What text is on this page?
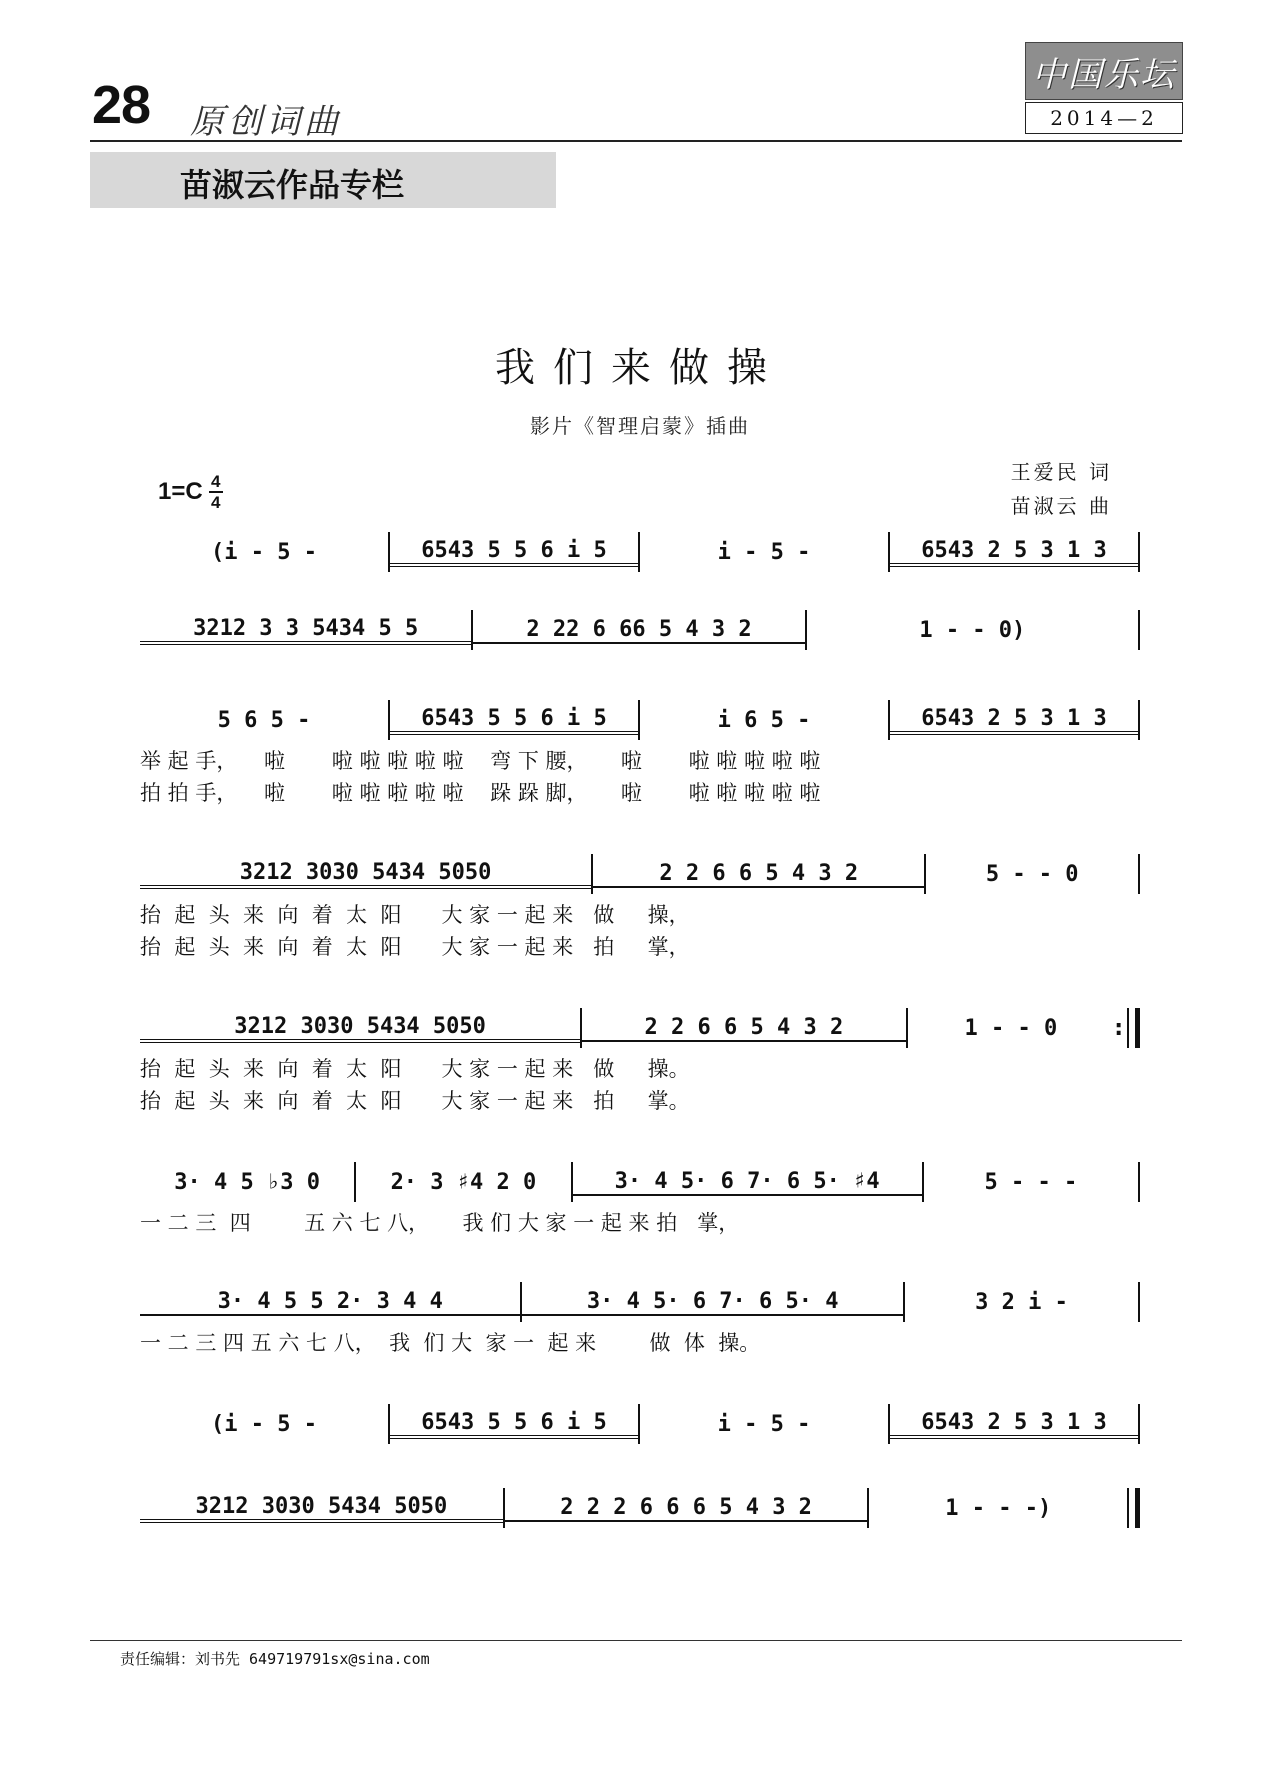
28 原创词曲
中国乐坛
2014—2
苗淑云作品专栏
我们来做操
影片《智理启蒙》插曲
王爱民 词
苗淑云 曲
1=C 4
4
(i - 5 -	6543 5 5 6 i 5	i - 5 -	6543 2 5 3 1 3
3212 3 3 5434 5 5	2 22 6 66 5 4 3 2	1 - - 0)
5 6 5 -	6543 5 5 6 i 5	i 6 5 -	6543 2 5 3 1 3
举 起 手，    啦       啦 啦 啦 啦 啦    弯 下 腰，     啦       啦 啦 啦 啦 啦
拍 拍 手，    啦       啦 啦 啦 啦 啦    跺 跺 脚，     啦       啦 啦 啦 啦 啦
3212 3030 5434 5050	2 2 6 6 5 4 3 2	5 - - 0
抬  起  头  来  向  着  太  阳      大 家 一 起 来   做     操，
抬  起  头  来  向  着  太  阳      大 家 一 起 来   拍     掌，
3212 3030 5434 5050	2 2 6 6 5 4 3 2	1 - - 0	:
抬  起  头  来  向  着  太  阳      大 家 一 起 来   做     操。
抬  起  头  来  向  着  太  阳      大 家 一 起 来   拍     掌。
3· 4 5 ♭3 0	2· 3 ♯4 2 0	3· 4 5· 6 7· 6 5· ♯4	5 - - -
一 二 三  四        五 六 七 八，     我 们 大 家 一 起 来 拍   掌，
3· 4 5 5 2· 3 4 4	3· 4 5· 6 7· 6 5· 4	3 2 i -
一 二 三 四 五 六 七 八，  我  们 大  家 一  起 来        做  体  操。
(i - 5 -	6543 5 5 6 i 5	i - 5 -	6543 2 5 3 1 3
3212 3030 5434 5050	2 2 2 6 6 6 5 4 3 2	1 - - -)
责任编辑：刘书先 649719791sx@sina.com
